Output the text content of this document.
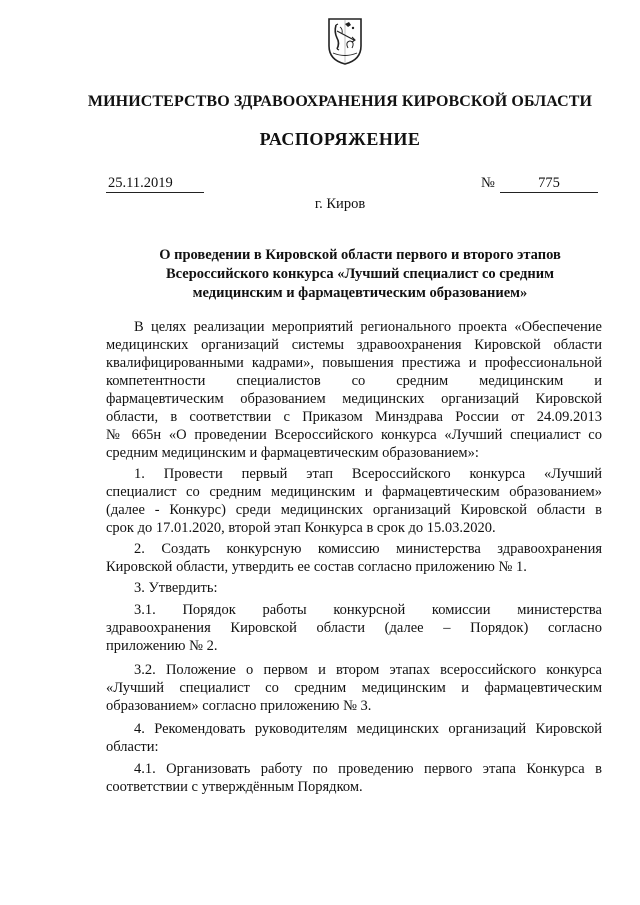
МИНИСТЕРСТВО ЗДРАВООХРАНЕНИЯ КИРОВСКОЙ ОБЛАСТИ
РАСПОРЯЖЕНИЕ
25.11.2019	№	775
г. Киров
О проведении в Кировской области первого и второго этапов
Всероссийского конкурса «Лучший специалист со средним
медицинским и фармацевтическим образованием»
В целях реализации мероприятий регионального проекта «Обеспечение
медицинских организаций системы здравоохранения Кировской области
квалифицированными кадрами», повышения престижа и профессиональной
компетентности специалистов со средним медицинским и
фармацевтическим образованием медицинских организаций Кировской
области, в соответствии с Приказом Минздрава России от 24.09.2013
№ 665н «О проведении Всероссийского конкурса «Лучший специалист со
средним медицинским и фармацевтическим образованием»:
1. Провести первый этап Всероссийского конкурса «Лучший
специалист со средним медицинским и фармацевтическим образованием»
(далее - Конкурс) среди медицинских организаций Кировской области в
срок до 17.01.2020, второй этап Конкурса в срок до 15.03.2020.
2. Создать конкурсную комиссию министерства здравоохранения
Кировской области, утвердить ее состав согласно приложению № 1.
3. Утвердить:
3.1. Порядок работы конкурсной комиссии министерства
здравоохранения Кировской области (далее – Порядок) согласно
приложению № 2.
3.2. Положение о первом и втором этапах всероссийского конкурса
«Лучший специалист со средним медицинским и фармацевтическим
образованием» согласно приложению № 3.
4. Рекомендовать руководителям медицинских организаций Кировской
области:
4.1. Организовать работу по проведению первого этапа Конкурса в
соответствии с утверждённым Порядком.
